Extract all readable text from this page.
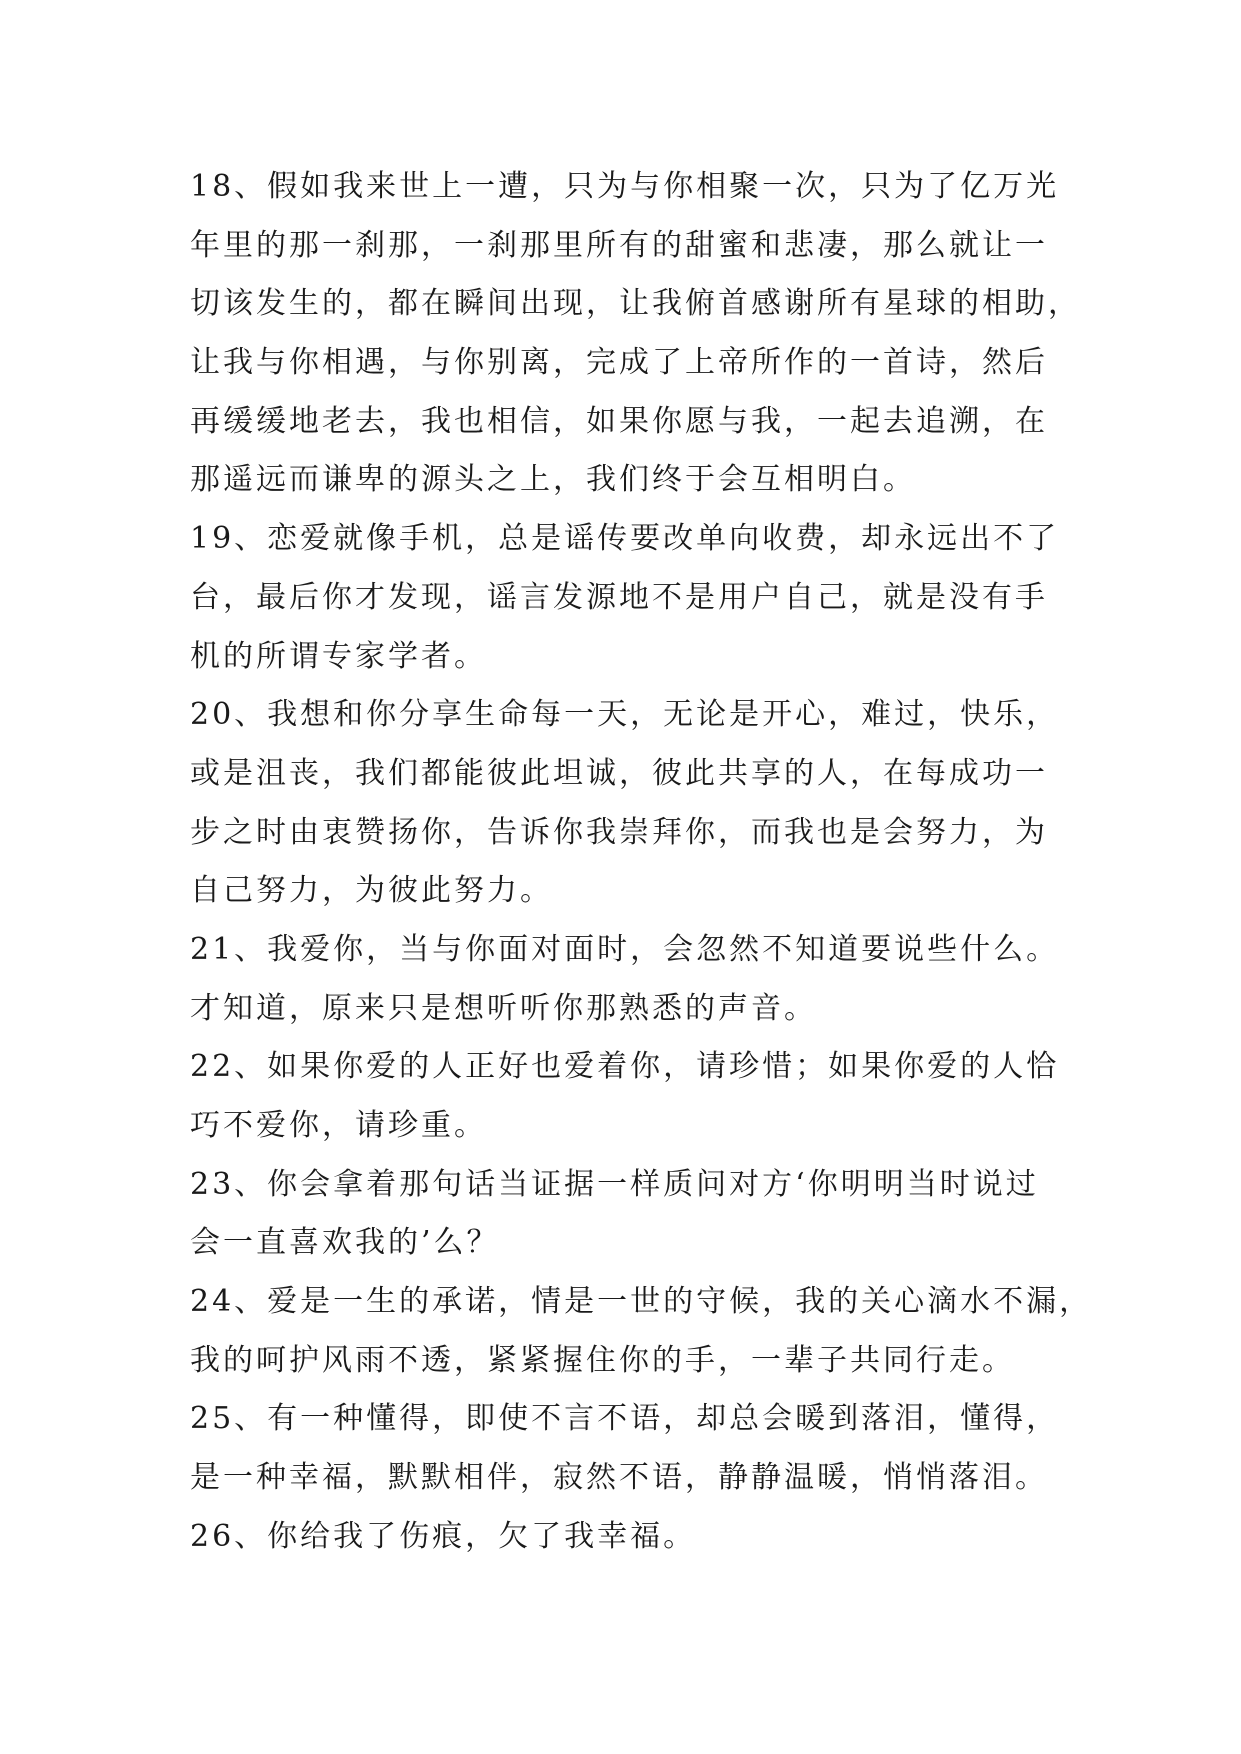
18、假如我来世上一遭，只为与你相聚一次，只为了亿万光
年里的那一刹那，一刹那里所有的甜蜜和悲凄，那么就让一
切该发生的，都在瞬间出现，让我俯首感谢所有星球的相助，
让我与你相遇，与你别离，完成了上帝所作的一首诗，然后
再缓缓地老去，我也相信，如果你愿与我，一起去追溯，在
那遥远而谦卑的源头之上，我们终于会互相明白。
19、恋爱就像手机，总是谣传要改单向收费，却永远出不了
台，最后你才发现，谣言发源地不是用户自己，就是没有手
机的所谓专家学者。
20、我想和你分享生命每一天，无论是开心，难过，快乐，
或是沮丧，我们都能彼此坦诚，彼此共享的人，在每成功一
步之时由衷赞扬你，告诉你我崇拜你，而我也是会努力，为
自己努力，为彼此努力。
21、我爱你，当与你面对面时，会忽然不知道要说些什么。
才知道，原来只是想听听你那熟悉的声音。
22、如果你爱的人正好也爱着你，请珍惜；如果你爱的人恰
巧不爱你，请珍重。
23、你会拿着那句话当证据一样质问对方‘你明明当时说过
会一直喜欢我的’么？
24、爱是一生的承诺，情是一世的守候，我的关心滴水不漏，
我的呵护风雨不透，紧紧握住你的手，一辈子共同行走。
25、有一种懂得，即使不言不语，却总会暖到落泪，懂得，
是一种幸福，默默相伴，寂然不语，静静温暖，悄悄落泪。
26、你给我了伤痕，欠了我幸福。
